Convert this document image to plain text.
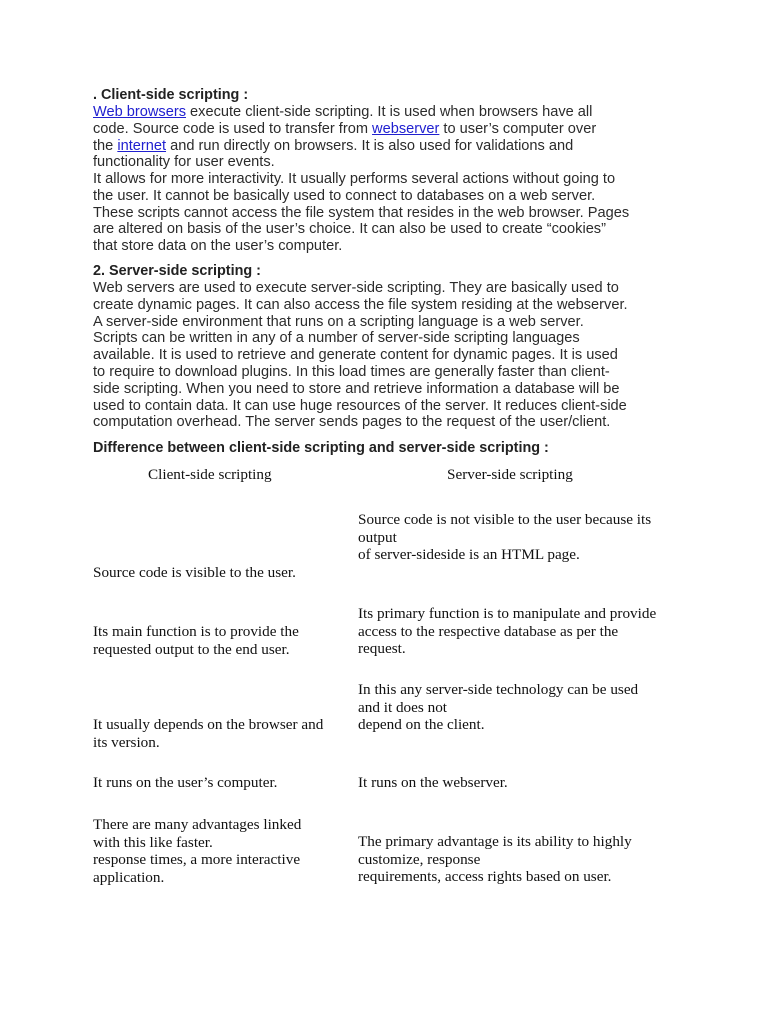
. Client-side scripting :
Web browsers execute client-side scripting. It is used when browsers have all
code. Source code is used to transfer from webserver to user’s computer over
the internet and run directly on browsers. It is also used for validations and
functionality for user events.
It allows for more interactivity. It usually performs several actions without going to
the user. It cannot be basically used to connect to databases on a web server.
These scripts cannot access the file system that resides in the web browser. Pages
are altered on basis of the user’s choice. It can also be used to create “cookies”
that store data on the user’s computer.
2. Server-side scripting :
Web servers are used to execute server-side scripting. They are basically used to
create dynamic pages. It can also access the file system residing at the webserver.
A server-side environment that runs on a scripting language is a web server.
Scripts can be written in any of a number of server-side scripting languages
available. It is used to retrieve and generate content for dynamic pages. It is used
to require to download plugins. In this load times are generally faster than client-
side scripting. When you need to store and retrieve information a database will be
used to contain data. It can use huge resources of the server. It reduces client-side
computation overhead. The server sends pages to the request of the user/client.
Difference between client-side scripting and server-side scripting :
Client-side scripting	Server-side scripting
Source code is visible to the user.
Source code is not visible to the user because its
output
of server-sideside is an HTML page.
Its main function is to provide the
requested output to the end user.
Its primary function is to manipulate and provide
access to the respective database as per the
request.
It usually depends on the browser and
its version.
In this any server-side technology can be used
and it does not
depend on the client.
It runs on the user’s computer.	It runs on the webserver.
There are many advantages linked
with this like faster.
response times, a more interactive
application.
The primary advantage is its ability to highly
customize, response
requirements, access rights based on user.
